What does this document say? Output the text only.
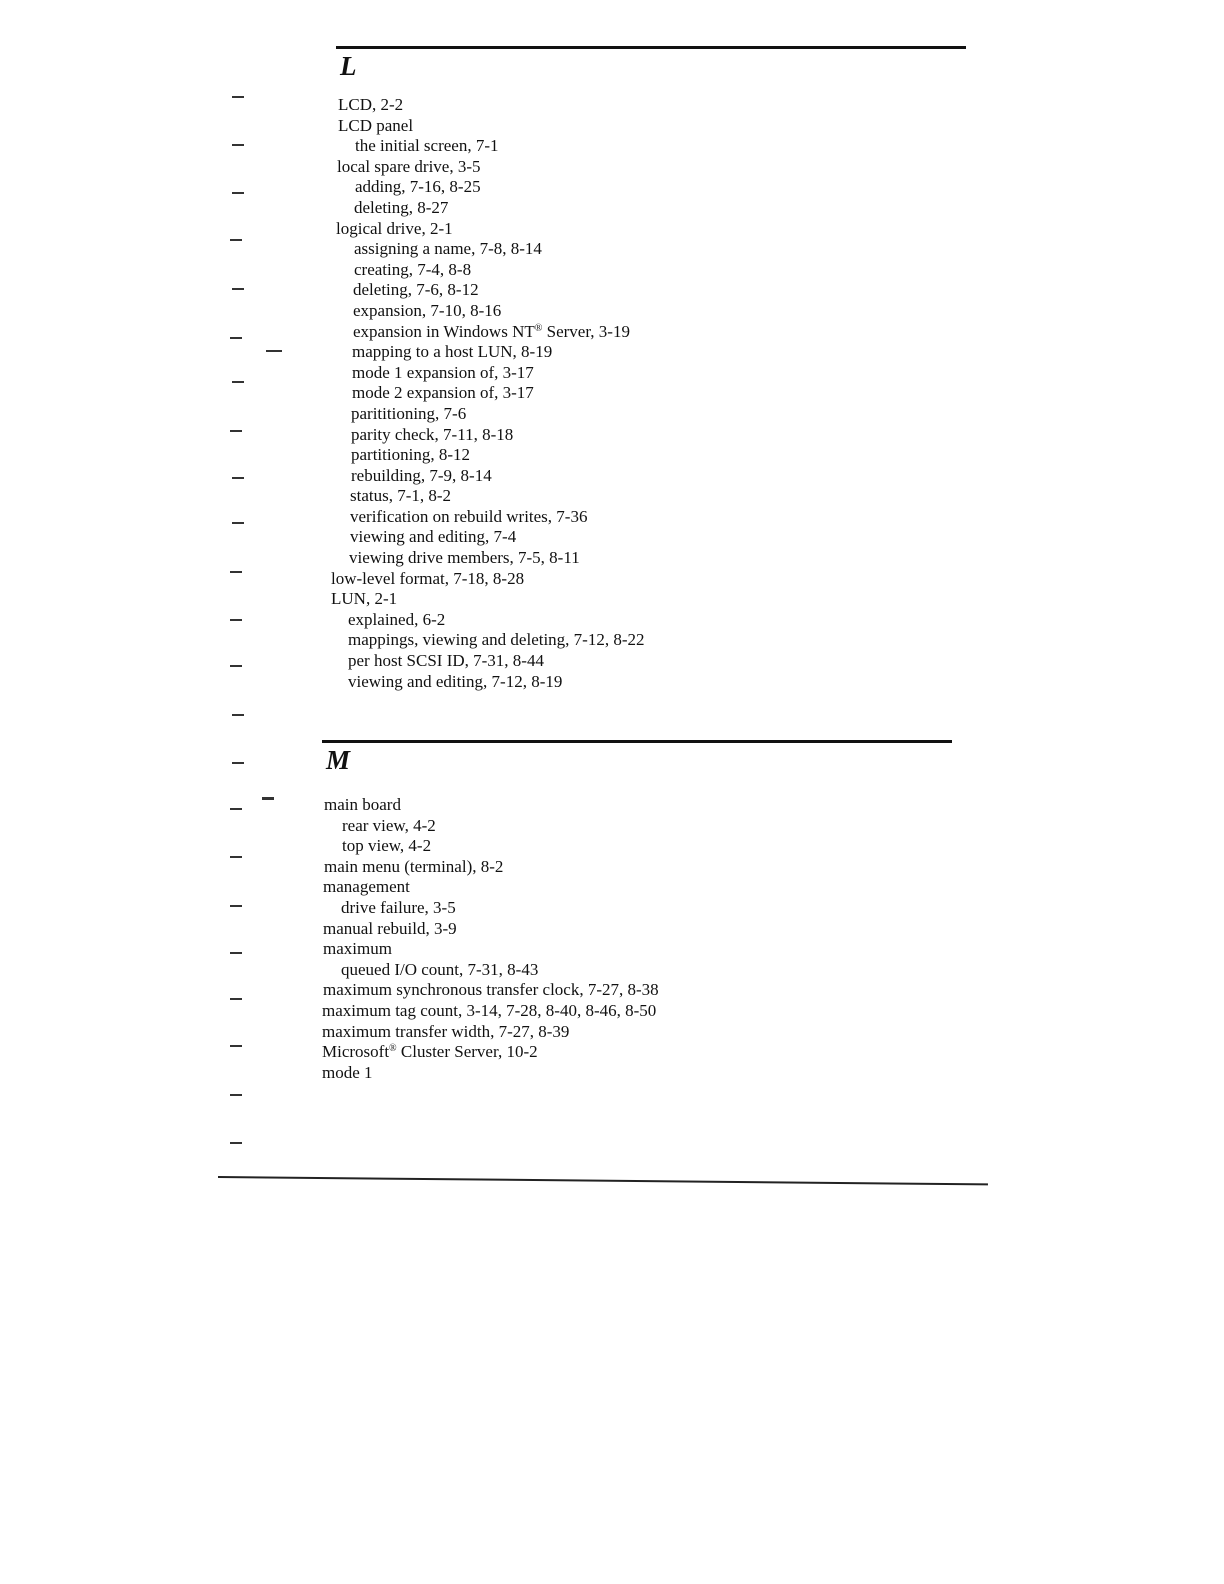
L
LCD, 2-2
LCD panel
the initial screen, 7-1
local spare drive, 3-5
adding, 7-16, 8-25
deleting, 8-27
logical drive, 2-1
assigning a name, 7-8, 8-14
creating, 7-4, 8-8
deleting, 7-6, 8-12
expansion, 7-10, 8-16
expansion in Windows NT® Server, 3-19
mapping to a host LUN, 8-19
mode 1 expansion of, 3-17
mode 2 expansion of, 3-17
parititioning, 7-6
parity check, 7-11, 8-18
partitioning, 8-12
rebuilding, 7-9, 8-14
status, 7-1, 8-2
verification on rebuild writes, 7-36
viewing and editing, 7-4
viewing drive members, 7-5, 8-11
low-level format, 7-18, 8-28
LUN, 2-1
explained, 6-2
mappings, viewing and deleting, 7-12, 8-22
per host SCSI ID, 7-31, 8-44
viewing and editing, 7-12, 8-19
M
main board
rear view, 4-2
top view, 4-2
main menu (terminal), 8-2
management
drive failure, 3-5
manual rebuild, 3-9
maximum
queued I/O count, 7-31, 8-43
maximum synchronous transfer clock, 7-27, 8-38
maximum tag count, 3-14, 7-28, 8-40, 8-46, 8-50
maximum transfer width, 7-27, 8-39
Microsoft® Cluster Server, 10-2
mode 1
